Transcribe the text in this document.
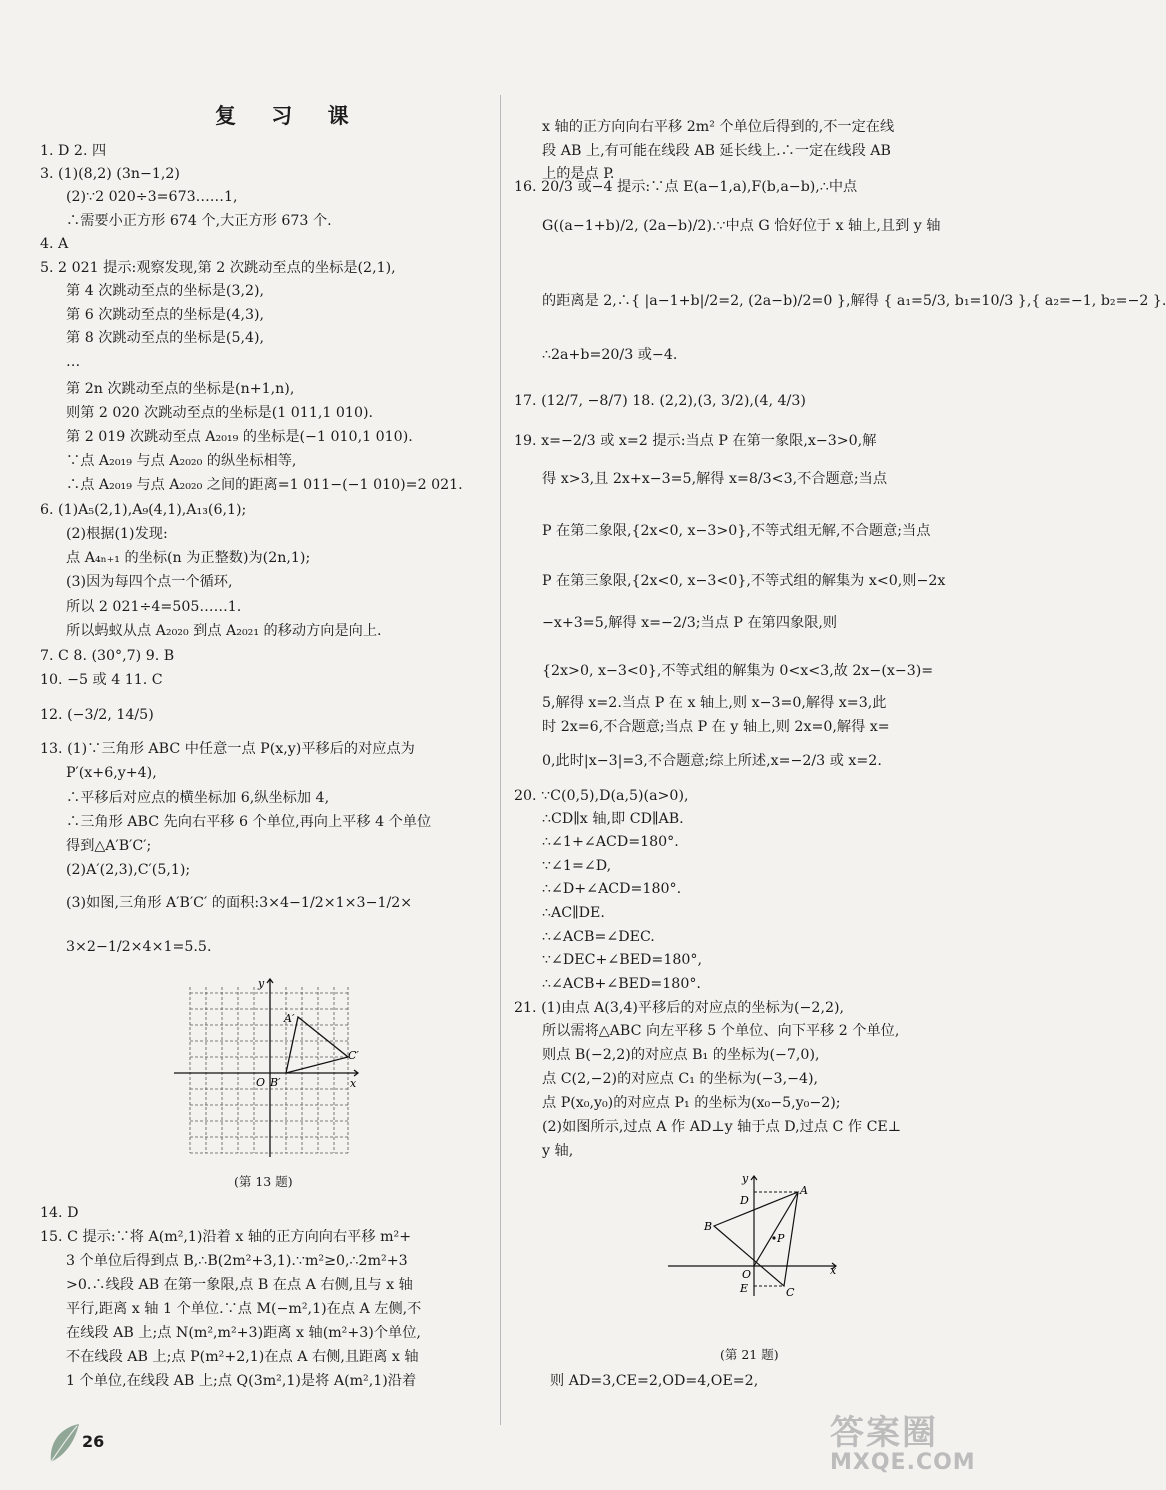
复 习 课
1. D 2. 四
3. (1)(8,2) (3n−1,2)
(2)∵2 020÷3=673……1,
∴需要小正方形 674 个,大正方形 673 个.
4. A
5. 2 021 提示:观察发现,第 2 次跳动至点的坐标是(2,1),
第 4 次跳动至点的坐标是(3,2),
第 6 次跳动至点的坐标是(4,3),
第 8 次跳动至点的坐标是(5,4),
…
第 2n 次跳动至点的坐标是(n+1,n),
则第 2 020 次跳动至点的坐标是(1 011,1 010).
第 2 019 次跳动至点 A₂₀₁₉ 的坐标是(−1 010,1 010).
∵点 A₂₀₁₉ 与点 A₂₀₂₀ 的纵坐标相等,
∴点 A₂₀₁₉ 与点 A₂₀₂₀ 之间的距离=1 011−(−1 010)=2 021.
6. (1)A₅(2,1),A₉(4,1),A₁₃(6,1);
(2)根据(1)发现:
点 A₄ₙ₊₁ 的坐标(n 为正整数)为(2n,1);
(3)因为每四个点一个循环,
所以 2 021÷4=505……1.
所以蚂蚁从点 A₂₀₂₀ 到点 A₂₀₂₁ 的移动方向是向上.
7. C 8. (30°,7) 9. B
10. −5 或 4 11. C
12. (−3/2, 14/5)
13. (1)∵三角形 ABC 中任意一点 P(x,y)平移后的对应点为
P′(x+6,y+4),
∴平移后对应点的横坐标加 6,纵坐标加 4,
∴三角形 ABC 先向右平移 6 个单位,再向上平移 4 个单位
得到△A′B′C′;
(2)A′(2,3),C′(5,1);
(3)如图,三角形 A′B′C′ 的面积:3×4−1/2×1×3−1/2×
3×2−1/2×4×1=5.5.
y
x
O B′
A′
C′
(第 13 题)
14. D
15. C 提示:∵将 A(m²,1)沿着 x 轴的正方向向右平移 m²+
3 个单位后得到点 B,∴B(2m²+3,1).∵m²≥0,∴2m²+3
>0.∴线段 AB 在第一象限,点 B 在点 A 右侧,且与 x 轴
平行,距离 x 轴 1 个单位.∵点 M(−m²,1)在点 A 左侧,不
在线段 AB 上;点 N(m²,m²+3)距离 x 轴(m²+3)个单位,
不在线段 AB 上;点 P(m²+2,1)在点 A 右侧,且距离 x 轴
1 个单位,在线段 AB 上;点 Q(3m²,1)是将 A(m²,1)沿着
x 轴的正方向向右平移 2m² 个单位后得到的,不一定在线
段 AB 上,有可能在线段 AB 延长线上.∴一定在线段 AB
上的是点 P.
16. 20/3 或−4 提示:∵点 E(a−1,a),F(b,a−b),∴中点
G((a−1+b)/2, (2a−b)/2).∵中点 G 恰好位于 x 轴上,且到 y 轴
的距离是 2,∴{ |a−1+b|/2=2, (2a−b)/2=0 },解得 { a₁=5/3, b₁=10/3 },{ a₂=−1, b₂=−2 }.
∴2a+b=20/3 或−4.
17. (12/7, −8/7) 18. (2,2),(3, 3/2),(4, 4/3)
19. x=−2/3 或 x=2 提示:当点 P 在第一象限,x−3>0,解
得 x>3,且 2x+x−3=5,解得 x=8/3<3,不合题意;当点
P 在第二象限,{2x<0, x−3>0},不等式组无解,不合题意;当点
P 在第三象限,{2x<0, x−3<0},不等式组的解集为 x<0,则−2x
−x+3=5,解得 x=−2/3;当点 P 在第四象限,则
{2x>0, x−3<0},不等式组的解集为 0<x<3,故 2x−(x−3)=
5,解得 x=2.当点 P 在 x 轴上,则 x−3=0,解得 x=3,此
时 2x=6,不合题意;当点 P 在 y 轴上,则 2x=0,解得 x=
0,此时|x−3|=3,不合题意;综上所述,x=−2/3 或 x=2.
20. ∵C(0,5),D(a,5)(a>0),
∴CD∥x 轴,即 CD∥AB.
∴∠1+∠ACD=180°.
∵∠1=∠D,
∴∠D+∠ACD=180°.
∴AC∥DE.
∴∠ACB=∠DEC.
∵∠DEC+∠BED=180°,
∴∠ACB+∠BED=180°.
21. (1)由点 A(3,4)平移后的对应点的坐标为(−2,2),
所以需将△ABC 向左平移 5 个单位、向下平移 2 个单位,
则点 B(−2,2)的对应点 B₁ 的坐标为(−7,0),
点 C(2,−2)的对应点 C₁ 的坐标为(−3,−4),
点 P(x₀,y₀)的对应点 P₁ 的坐标为(x₀−5,y₀−2);
(2)如图所示,过点 A 作 AD⊥y 轴于点 D,过点 C 作 CE⊥
y 轴,
y
x
O
A
B
C
D
E
P
(第 21 题)
则 AD=3,CE=2,OD=4,OE=2,
26	答案圈
MXQE.COM
